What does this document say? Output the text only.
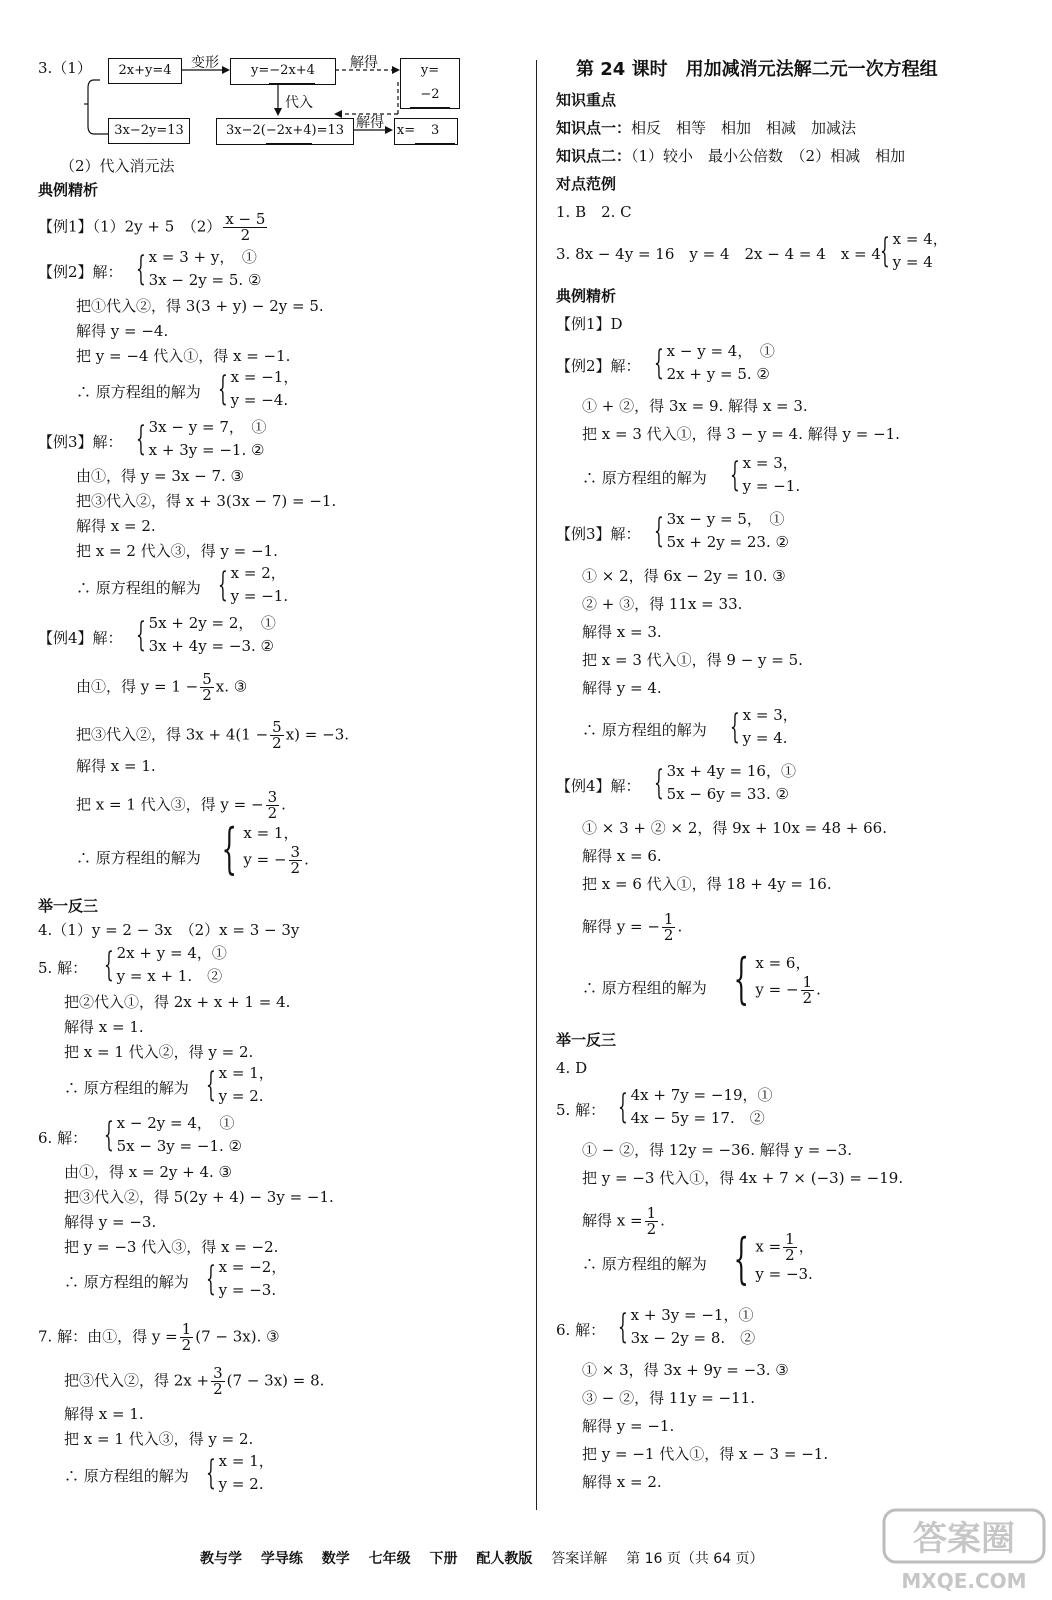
3.（1）	2x+y=4	y=−2x+4	y=−2
3x−2y=13	3x−2(−2x+4)=13	x= 3
变形	解得
代入
解得
（2）代入消元法
典例精析
【例1】（1）2y + 5　$(2) \frac{x - 5}{2}$
【例2】解： { x = 3 + y，　①
3x − 2y = 5. ②
把①代入②，得 3(3 + y) − 2y = 5.
解得 y = −4.
把 y = −4 代入①，得 x = −1.
∴ 原方程组的解为 { x = −1，
y = −4.
【例3】解： { 3x − y = 7，　①
x + 3y = −1. ②
由①，得 y = 3x − 7. ③
把③代入②，得 x + 3(3x − 7) = −1.
解得 x = 2.
把 x = 2 代入③，得 y = −1.
∴ 原方程组的解为 { x = 2，
y = −1.
【例4】解： { 5x + 2y = 2，　①
3x + 4y = −3. ②
由①，得 $y = 1 - \frac{5}{2} x$. ③
把③代入②，得 $3x + 4(1 - \frac{5}{2} x) = -3$.
解得 x = 1.
把 x = 1 代入③，得 y = − $\frac{3}{2}$ .
∴ 原方程组的解为 { x = 1，
y = − $\frac{3}{2}$ .
举一反三
4.（1）y = 2 − 3x　（2）x = 3 − 3y
5. 解： { 2x + y = 4，①
y = x + 1.　②
把②代入①，得 2x + x + 1 = 4.
解得 x = 1.
把 x = 1 代入②，得 y = 2.
∴ 原方程组的解为 { x = 1，
y = 2.
6. 解： { x − 2y = 4，　①
5x − 3y = −1. ②
由①，得 x = 2y + 4. ③
把③代入②，得 5(2y + 4) − 3y = −1.
解得 y = −3.
把 y = −3 代入③，得 x = −2.
∴ 原方程组的解为 { x = −2，
y = −3.
7. 解：由①，得 $y = \frac{1}{2} (7 - 3x)$. ③
把③代入②，得 $2x + \frac{3}{2} (7 - 3x) = 8$.
解得 x = 1.
把 x = 1 代入③，得 y = 2.
∴ 原方程组的解为 { x = 1，
y = 2.
第 24 课时　用加减消元法解二元一次方程组
知识重点
知识点一：相反　相等　相加　相减　加减法
知识点二：（1）较小　最小公倍数　（2）相减　相加
对点范例
1. B　2. C
3. 8x − 4y = 16　y = 4　2x − 4 = 4　x = 4 { x = 4，
y = 4
典例精析
【例1】D
【例2】解： { x − y = 4，　①
2x + y = 5. ②
① + ②，得 3x = 9. 解得 x = 3.
把 x = 3 代入①，得 3 − y = 4. 解得 y = −1.
∴ 原方程组的解为 { x = 3，
y = −1.
【例3】解： { 3x − y = 5，　①
5x + 2y = 23. ②
① × 2，得 6x − 2y = 10. ③
② + ③，得 11x = 33.
解得 x = 3.
把 x = 3 代入①，得 9 − y = 5.
解得 y = 4.
∴ 原方程组的解为 { x = 3，
y = 4.
【例4】解： { 3x + 4y = 16，①
5x − 6y = 33. ②
① × 3 + ② × 2，得 9x + 10x = 48 + 66.
解得 x = 6.
把 x = 6 代入①，得 18 + 4y = 16.
解得 y = − $\frac{1}{2}$ .
∴ 原方程组的解为 { x = 6，
y = − $\frac{1}{2}$ .
举一反三
4. D
5. 解： { 4x + 7y = −19，①
4x − 5y = 17.　②
① − ②，得 12y = −36. 解得 y = −3.
把 y = −3 代入①，得 4x + 7 × (−3) = −19.
解得 $x = \frac{1}{2}$ .
∴ 原方程组的解为 { $x = \frac{1}{2}$ ，
y = −3.
6. 解： { x + 3y = −1，①
3x − 2y = 8.　②
① × 3，得 3x + 9y = −3. ③
③ − ②，得 11y = −11.
解得 y = −1.
把 y = −1 代入①，得 x − 3 = −1.
解得 x = 2.
教与学 学导练 数学 七年级 下册 配人教版 答案详解 第 16 页（共 64 页）	答案圈
MXQE.COM
